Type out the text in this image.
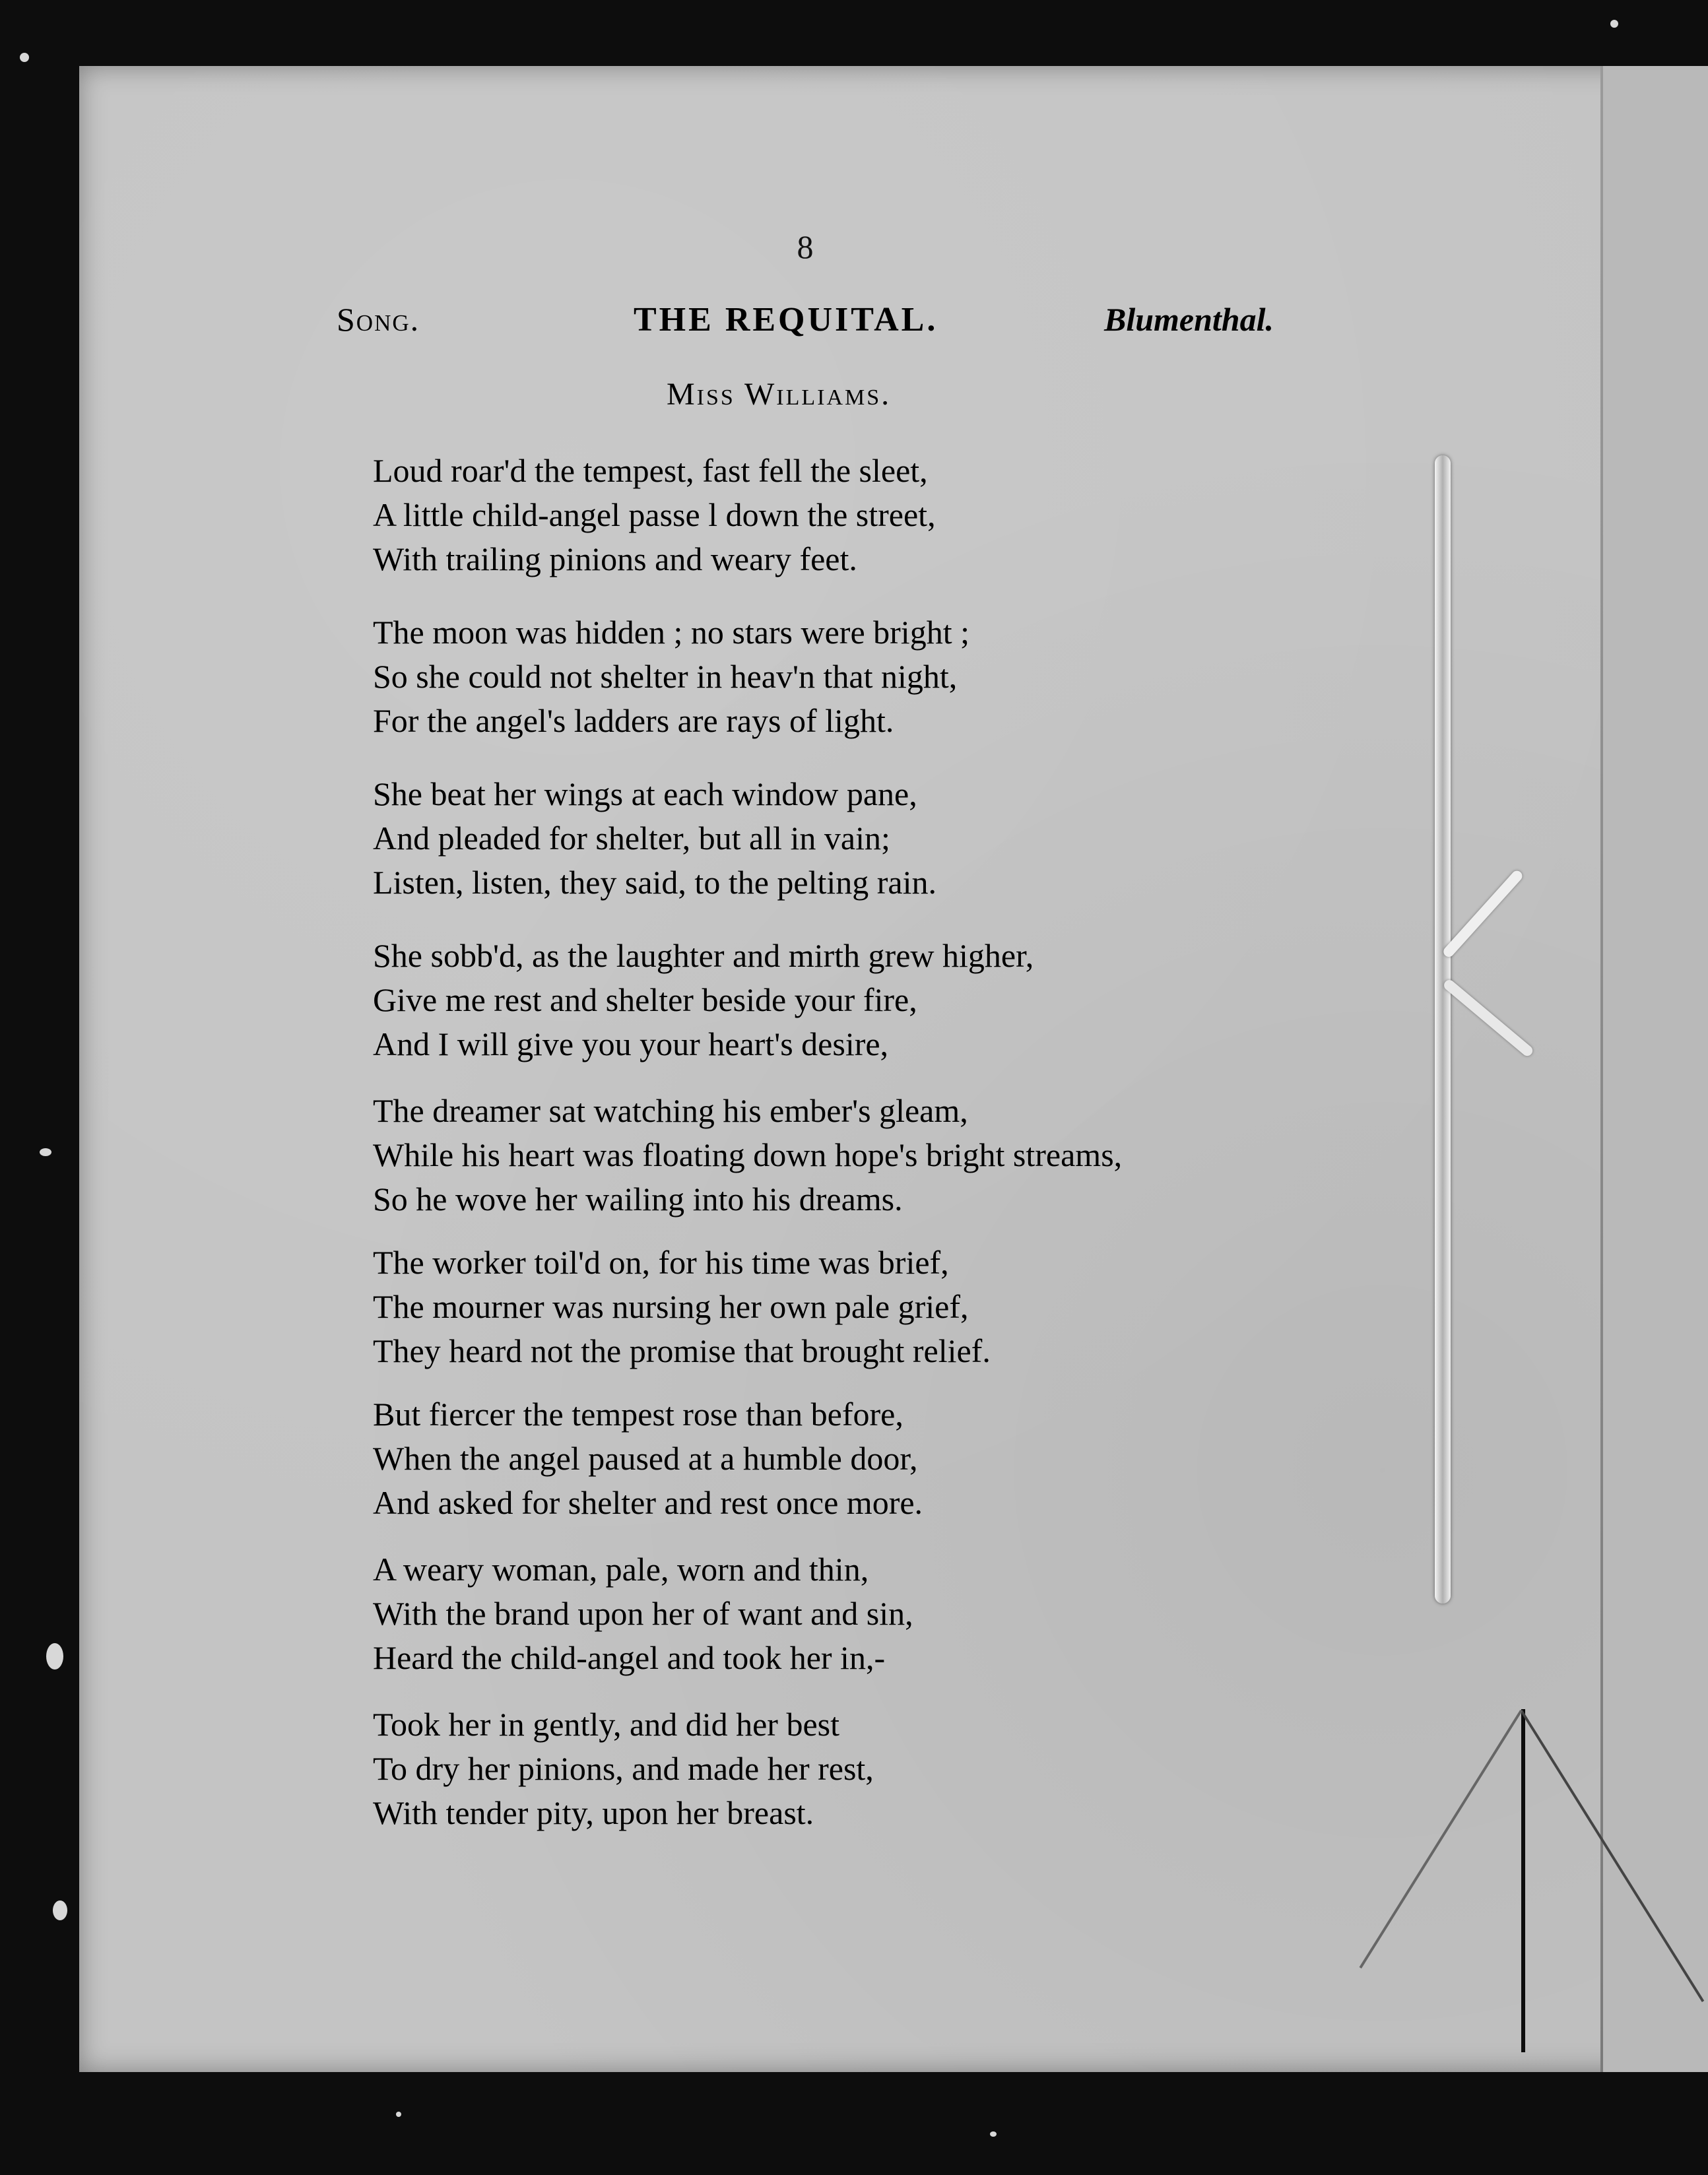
8
Song.	THE REQUITAL.	Blumenthal.
Miss Williams.
Loud roar'd the tempest, fast fell the sleet,
A little child-angel passe l down the street,
With trailing pinions and weary feet.
The moon was hidden ; no stars were bright ;
So she could not shelter in heav'n that night,
For the angel's ladders are rays of light.
She beat her wings at each window pane,
And pleaded for shelter, but all in vain;
Listen, listen, they said, to the pelting rain.
She sobb'd, as the laughter and mirth grew higher,
Give me rest and shelter beside your fire,
And I will give you your heart's desire,
The dreamer sat watching his ember's gleam,
While his heart was floating down hope's bright streams,
So he wove her wailing into his dreams.
The worker toil'd on, for his time was brief,
The mourner was nursing her own pale grief,
They heard not the promise that brought relief.
But fiercer the tempest rose than before,
When the angel paused at a humble door,
And asked for shelter and rest once more.
A weary woman, pale, worn and thin,
With the brand upon her of want and sin,
Heard the child-angel and took her in,-
Took her in gently, and did her best
To dry her pinions, and made her rest,
With tender pity, upon her breast.
